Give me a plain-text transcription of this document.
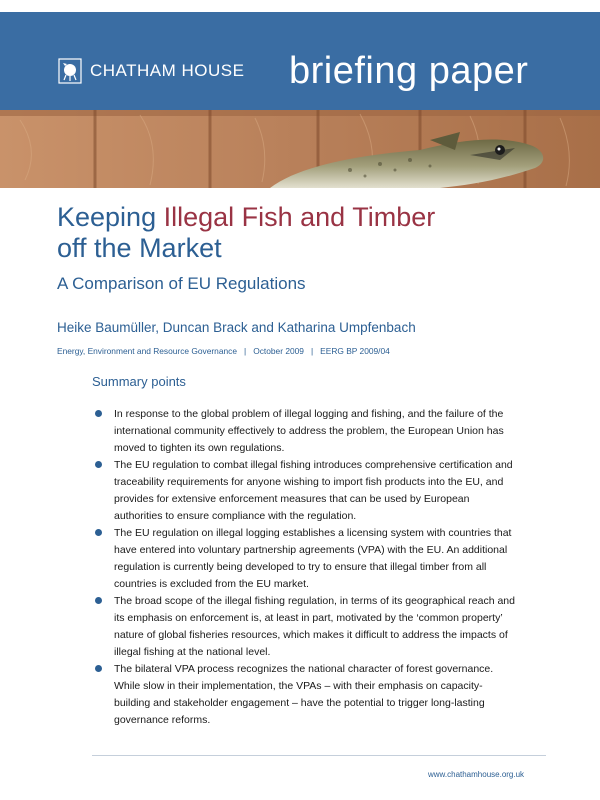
CHATHAM HOUSE briefing paper
Keeping Illegal Fish and Timber
off the Market
A Comparison of EU Regulations
Heike Baumüller, Duncan Brack and Katharina Umpfenbach
Energy, Environment and Resource Governance | October 2009 | EERG BP 2009/04
Summary points
In response to the global problem of illegal logging and fishing, and the failure of the international community effectively to address the problem, the European Union has moved to tighten its own regulations.
The EU regulation to combat illegal fishing introduces comprehensive certification and traceability requirements for anyone wishing to import fish products into the EU, and provides for extensive enforcement measures that can be used by European authorities to ensure compliance with the regulation.
The EU regulation on illegal logging establishes a licensing system with countries that have entered into voluntary partnership agreements (VPA) with the EU. An additional regulation is currently being developed to try to ensure that illegal timber from all countries is excluded from the EU market.
The broad scope of the illegal fishing regulation, in terms of its geographical reach and its emphasis on enforcement is, at least in part, motivated by the ‘common property’ nature of global fisheries resources, which makes it difficult to address the impacts of illegal fishing at the national level.
The bilateral VPA process recognizes the national character of forest governance. While slow in their implementation, the VPAs – with their emphasis on capacity-building and stakeholder engagement – have the potential to trigger long-lasting governance reforms.
www.chathamhouse.org.uk
